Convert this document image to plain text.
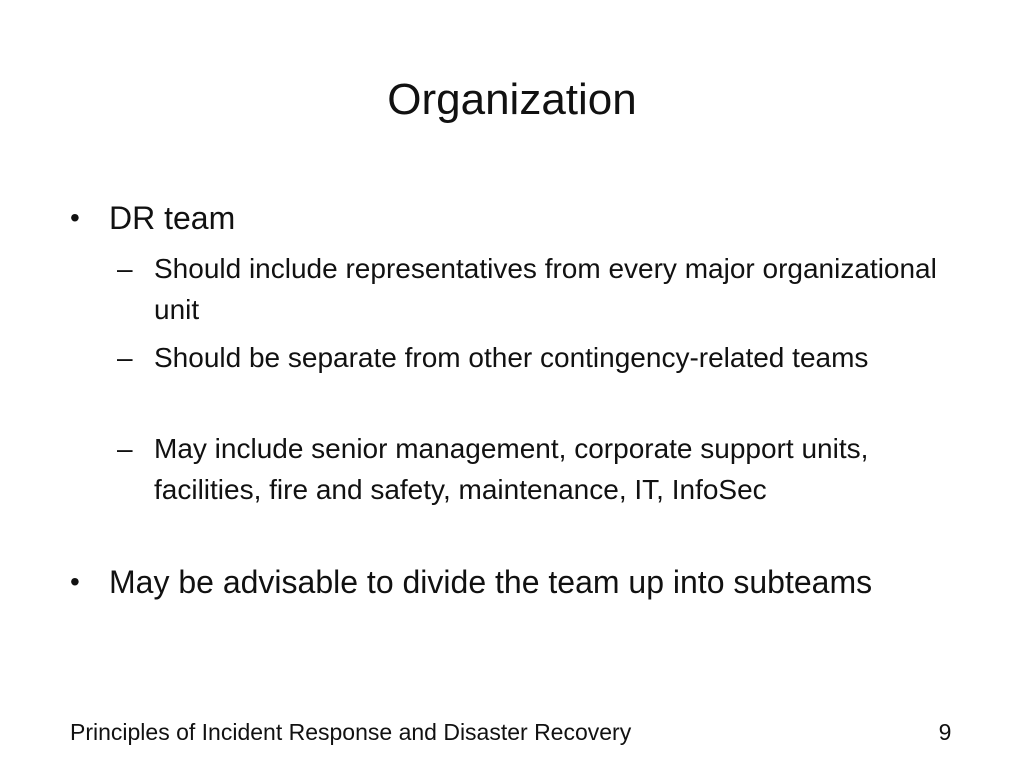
Organization
• DR team
– Should include representatives from every major organizational unit
– Should be separate from other contingency-related teams
– May include senior management, corporate support units, facilities, fire and safety, maintenance, IT, InfoSec
• May be advisable to divide the team up into subteams
Principles of Incident Response and Disaster Recovery	9
